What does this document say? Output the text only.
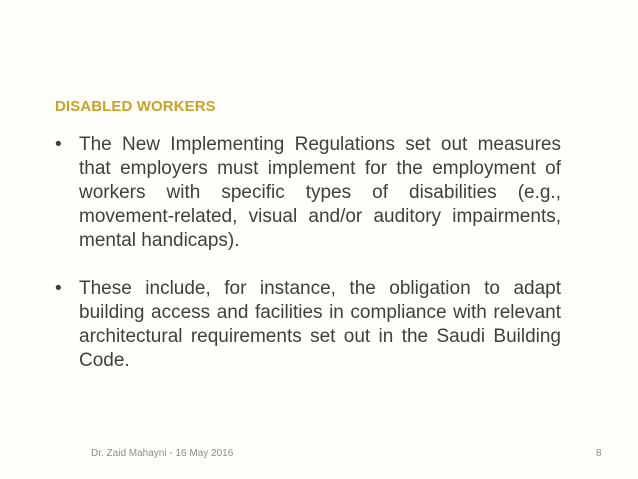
DISABLED WORKERS
• The New Implementing Regulations set out measures that employers must implement for the employment of workers with specific types of disabilities (e.g., movement-related, visual and/or auditory impairments, mental handicaps).
• These include, for instance, the obligation to adapt building access and facilities in compliance with relevant architectural requirements set out in the Saudi Building Code.
Dr. Zaid Mahayni - 16 May 2016	8
